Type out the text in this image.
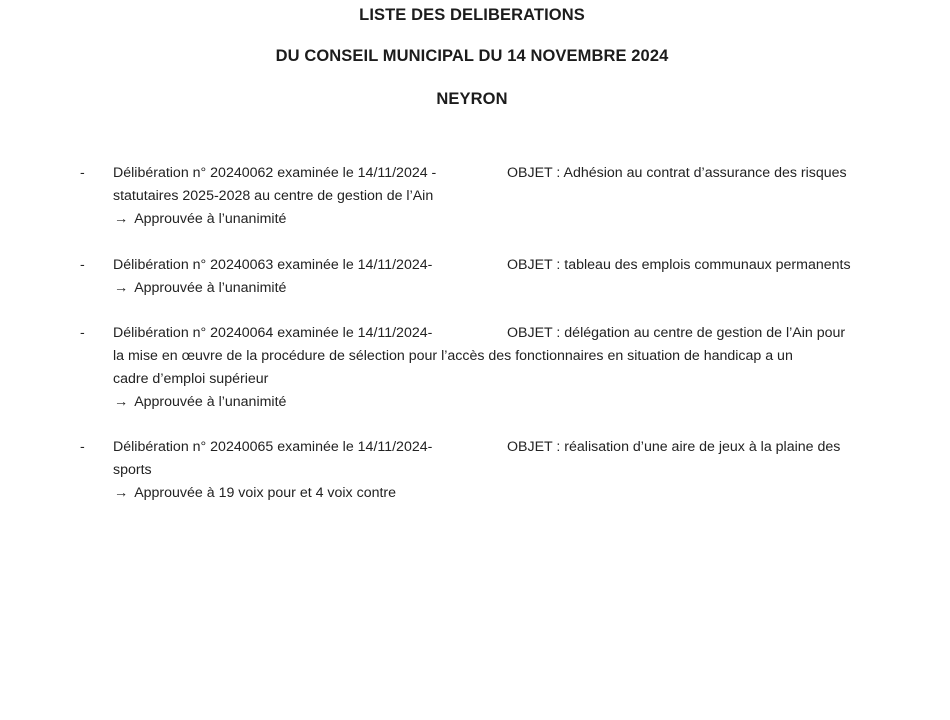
LISTE DES DELIBERATIONS
DU CONSEIL MUNICIPAL DU 14 NOVEMBRE 2024
NEYRON
-	Délibération n° 20240062 examinée le 14/11/2024 -	OBJET : Adhésion au contrat d’assurance des risques
statutaires 2025-2028 au centre de gestion de l’Ain
→ Approuvée à l’unanimité
-	Délibération n° 20240063 examinée le 14/11/2024-	OBJET : tableau des emplois communaux permanents
→ Approuvée à l’unanimité
-	Délibération n° 20240064 examinée le 14/11/2024-	OBJET : délégation au centre de gestion de l’Ain pour
la mise en œuvre de la procédure de sélection pour l’accès des fonctionnaires en situation de handicap a un
cadre d’emploi supérieur
→ Approuvée à l’unanimité
-	Délibération n° 20240065 examinée le 14/11/2024-	OBJET : réalisation d’une aire de jeux à la plaine des
sports
→ Approuvée à 19 voix pour et 4 voix contre
